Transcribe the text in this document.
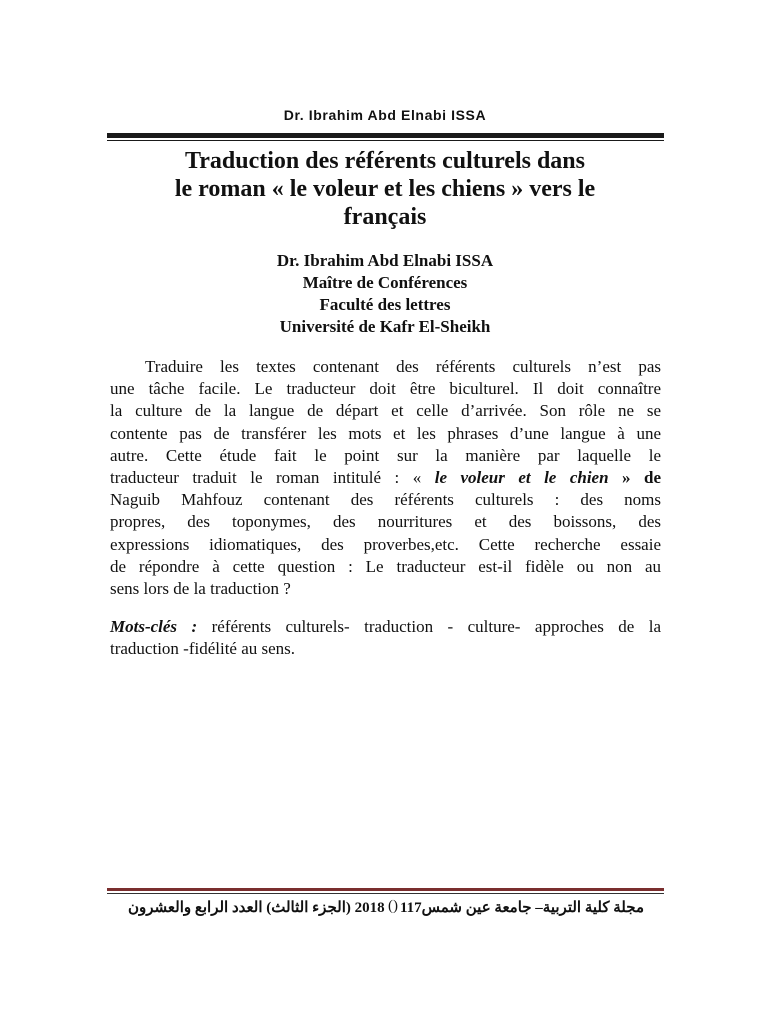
Dr. Ibrahim Abd Elnabi ISSA
Traduction des référents culturels dans
le roman « le voleur et les chiens » vers le
français
Dr. Ibrahim Abd Elnabi ISSA
Maître de Conférences
Faculté des lettres
Université de Kafr El-Sheikh
Traduire les textes contenant des référents culturels n’est pas
une tâche facile. Le traducteur doit être biculturel. Il doit connaître
la culture de la langue de départ et celle d’arrivée. Son rôle ne se
contente pas de transférer les mots et les phrases d’une langue à une
autre. Cette étude fait le point sur la manière par laquelle le
traducteur traduit le roman intitulé : « le voleur et le chien » de
Naguib Mahfouz contenant des référents culturels : des noms
propres, des toponymes, des nourritures et des boissons, des
expressions idiomatiques, des proverbes,etc. Cette recherche essaie
de répondre à cette question : Le traducteur est-il fidèle ou non au
sens lors de la traduction ?
Mots-clés : référents culturels- traduction - culture- approches de la
traduction -fidélité au sens.
2018 (الجزء الثالث) العدد الرابع والعشرون () مجلة كلية التربية– جامعة عين شمس117
